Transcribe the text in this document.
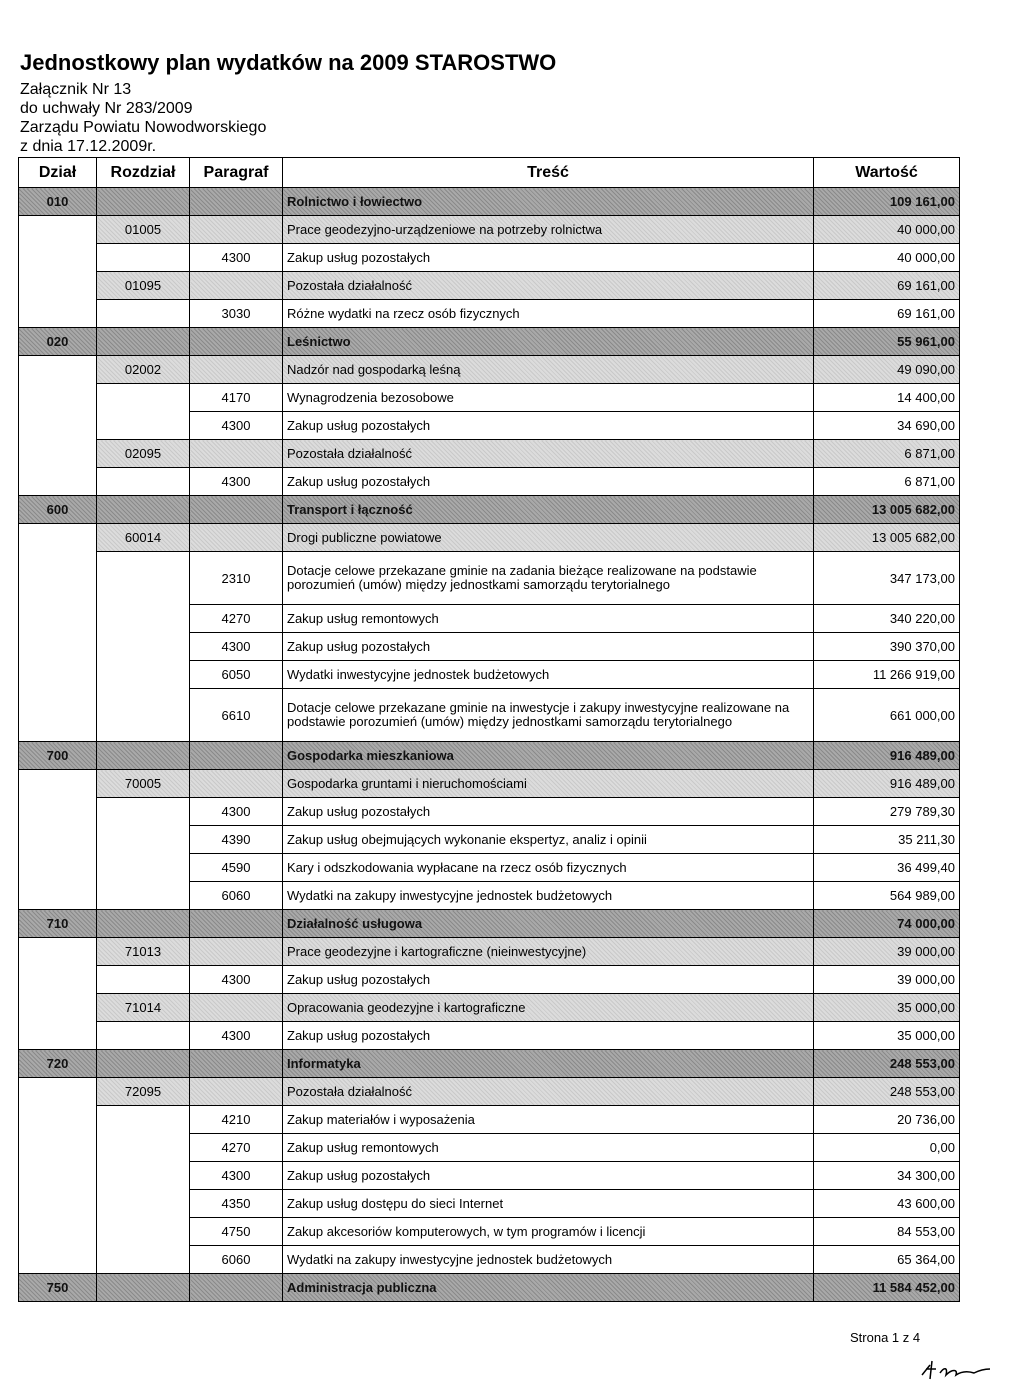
Jednostkowy plan wydatków na 2009 STAROSTWO
Załącznik Nr 13
do uchwały Nr 283/2009
Zarządu Powiatu Nowodworskiego
z dnia 17.12.2009r.
Dział	Rozdział	Paragraf	Treść	Wartość
010			Rolnictwo i łowiectwo	109 161,00
	01005		Prace geodezyjno-urządzeniowe na potrzeby rolnictwa	40 000,00
		4300	Zakup usług pozostałych	40 000,00
	01095		Pozostała działalność	69 161,00
		3030	Różne wydatki na rzecz osób fizycznych	69 161,00
020			Leśnictwo	55 961,00
	02002		Nadzór nad gospodarką leśną	49 090,00
		4170	Wynagrodzenia bezosobowe	14 400,00
		4300	Zakup usług pozostałych	34 690,00
	02095		Pozostała działalność	6 871,00
		4300	Zakup usług pozostałych	6 871,00
600			Transport i łączność	13 005 682,00
	60014		Drogi publiczne powiatowe	13 005 682,00
		2310	Dotacje celowe przekazane gminie na zadania bieżące realizowane na podstawie porozumień (umów) między jednostkami samorządu terytorialnego	347 173,00
		4270	Zakup usług remontowych	340 220,00
		4300	Zakup usług pozostałych	390 370,00
		6050	Wydatki inwestycyjne jednostek budżetowych	11 266 919,00
		6610	Dotacje celowe przekazane gminie na inwestycje i zakupy inwestycyjne realizowane na podstawie porozumień (umów) między jednostkami samorządu terytorialnego	661 000,00
700			Gospodarka mieszkaniowa	916 489,00
	70005		Gospodarka gruntami i nieruchomościami	916 489,00
		4300	Zakup usług pozostałych	279 789,30
		4390	Zakup usług obejmujących wykonanie ekspertyz, analiz i opinii	35 211,30
		4590	Kary i odszkodowania wypłacane na rzecz osób fizycznych	36 499,40
		6060	Wydatki na zakupy inwestycyjne jednostek budżetowych	564 989,00
710			Działalność usługowa	74 000,00
	71013		Prace geodezyjne i kartograficzne (nieinwestycyjne)	39 000,00
		4300	Zakup usług pozostałych	39 000,00
	71014		Opracowania geodezyjne i kartograficzne	35 000,00
		4300	Zakup usług pozostałych	35 000,00
720			Informatyka	248 553,00
	72095		Pozostała działalność	248 553,00
		4210	Zakup materiałów i wyposażenia	20 736,00
		4270	Zakup usług remontowych	0,00
		4300	Zakup usług pozostałych	34 300,00
		4350	Zakup usług dostępu do sieci Internet	43 600,00
		4750	Zakup akcesoriów komputerowych, w tym programów i licencji	84 553,00
		6060	Wydatki na zakupy inwestycyjne jednostek budżetowych	65 364,00
750			Administracja publiczna	11 584 452,00
Strona 1 z 4
